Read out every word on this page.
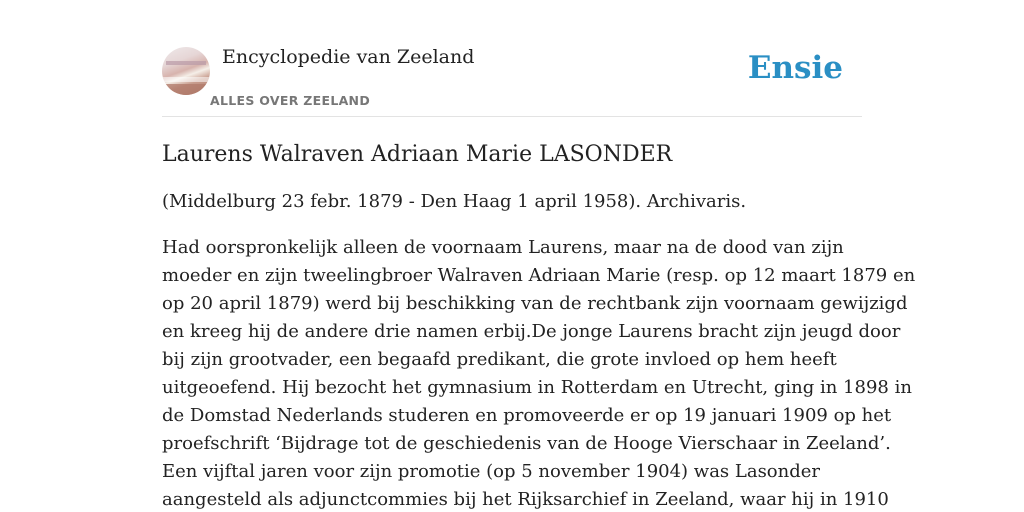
Encyclopedie van Zeeland
ALLES OVER ZEELAND
Ensie
Laurens Walraven Adriaan Marie LASONDER

(Middelburg 23 febr. 1879 - Den Haag 1 april 1958). Archivaris.

Had oorspronkelijk alleen de voornaam Laurens, maar na de dood van zijn
moeder en zijn tweelingbroer Walraven Adriaan Marie (resp. op 12 maart 1879 en
op 20 april 1879) werd bij beschikking van de rechtbank zijn voornaam gewijzigd
en kreeg hij de andere drie namen erbij.De jonge Laurens bracht zijn jeugd door
bij zijn grootvader, een begaafd predikant, die grote invloed op hem heeft
uitgeoefend. Hij bezocht het gymnasium in Rotterdam en Utrecht, ging in 1898 in
de Domstad Nederlands studeren en promoveerde er op 19 januari 1909 op het
proefschrift ‘Bijdrage tot de geschiedenis van de Hooge Vierschaar in Zeeland’.
Een vijftal jaren voor zijn promotie (op 5 november 1904) was Lasonder
aangesteld als adjunctcommies bij het Rijksarchief in Zeeland, waar hij in 1910
